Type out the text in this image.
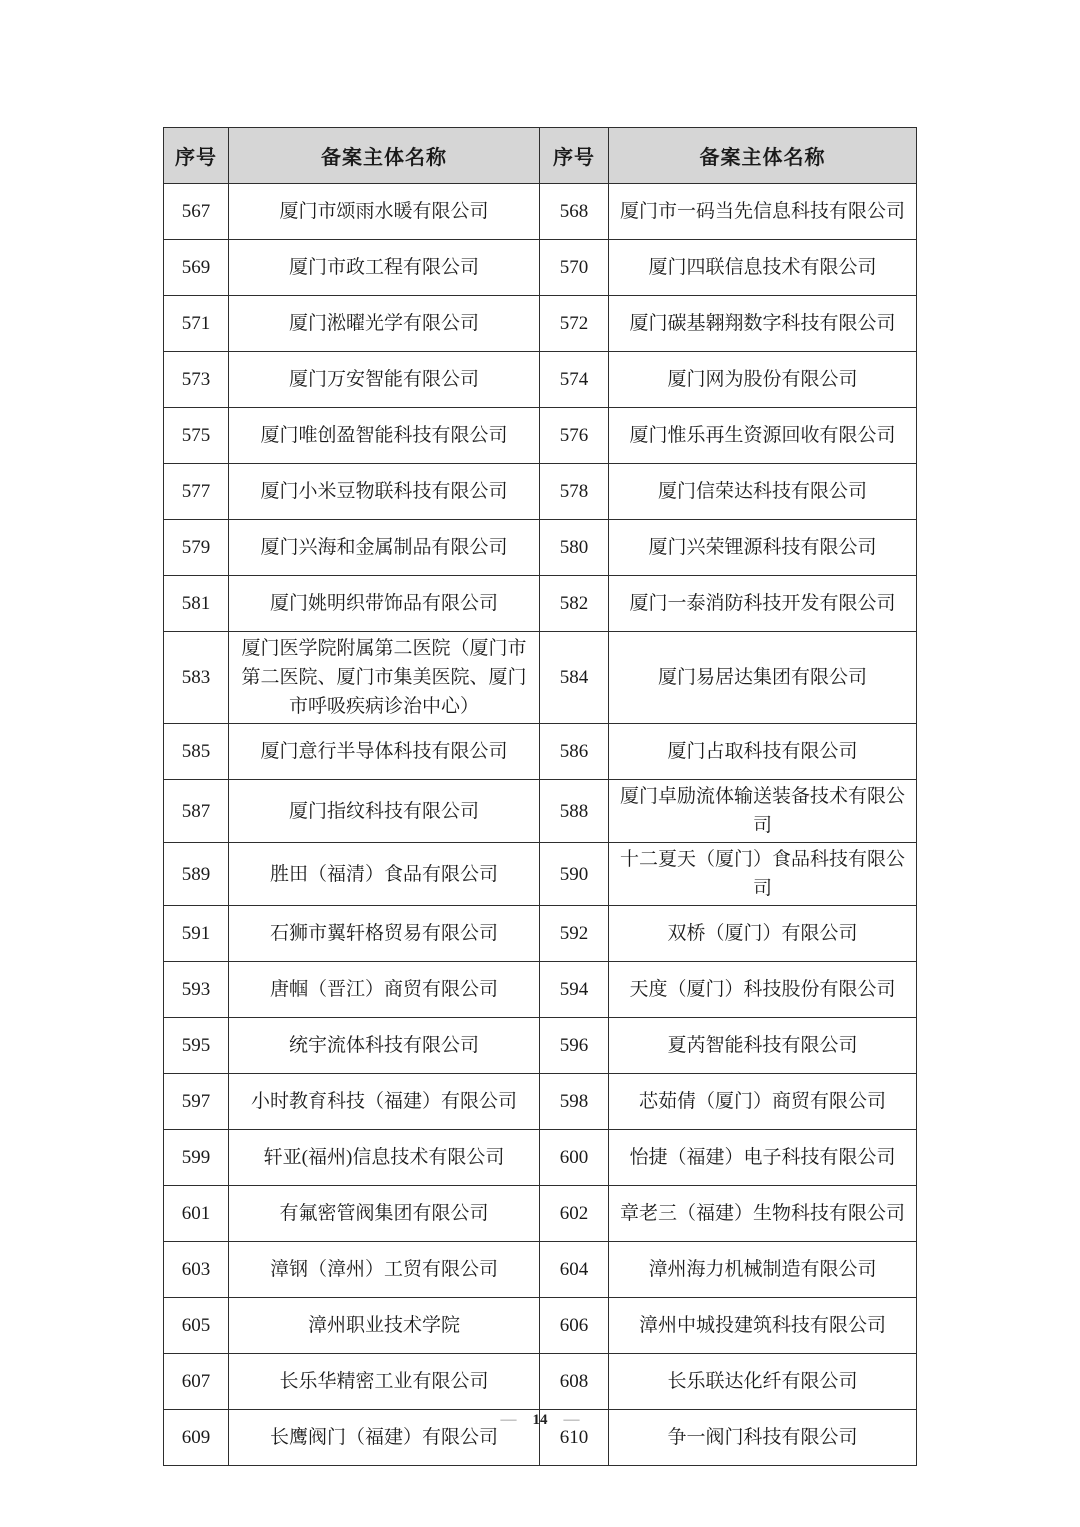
序号	备案主体名称	序号	备案主体名称
567	厦门市颂雨水暖有限公司	568	厦门市一码当先信息科技有限公司
569	厦门市政工程有限公司	570	厦门四联信息技术有限公司
571	厦门淞曜光学有限公司	572	厦门碳基翱翔数字科技有限公司
573	厦门万安智能有限公司	574	厦门网为股份有限公司
575	厦门唯创盈智能科技有限公司	576	厦门惟乐再生资源回收有限公司
577	厦门小米豆物联科技有限公司	578	厦门信荣达科技有限公司
579	厦门兴海和金属制品有限公司	580	厦门兴荣锂源科技有限公司
581	厦门姚明织带饰品有限公司	582	厦门一泰消防科技开发有限公司
583	厦门医学院附属第二医院（厦门市第二医院、厦门市集美医院、厦门市呼吸疾病诊治中心）	584	厦门易居达集团有限公司
585	厦门意行半导体科技有限公司	586	厦门占取科技有限公司
587	厦门指纹科技有限公司	588	厦门卓励流体输送装备技术有限公司
589	胜田（福清）食品有限公司	590	十二夏天（厦门）食品科技有限公司
591	石狮市翼轩格贸易有限公司	592	双桥（厦门）有限公司
593	唐帼（晋江）商贸有限公司	594	天度（厦门）科技股份有限公司
595	统宇流体科技有限公司	596	夏芮智能科技有限公司
597	小时教育科技（福建）有限公司	598	芯茹倩（厦门）商贸有限公司
599	轩亚(福州)信息技术有限公司	600	怡捷（福建）电子科技有限公司
601	有氟密管阀集团有限公司	602	章老三（福建）生物科技有限公司
603	漳钢（漳州）工贸有限公司	604	漳州海力机械制造有限公司
605	漳州职业技术学院	606	漳州中城投建筑科技有限公司
607	长乐华精密工业有限公司	608	长乐联达化纤有限公司
609	长鹰阀门（福建）有限公司	610	争一阀门科技有限公司
— 14 —
